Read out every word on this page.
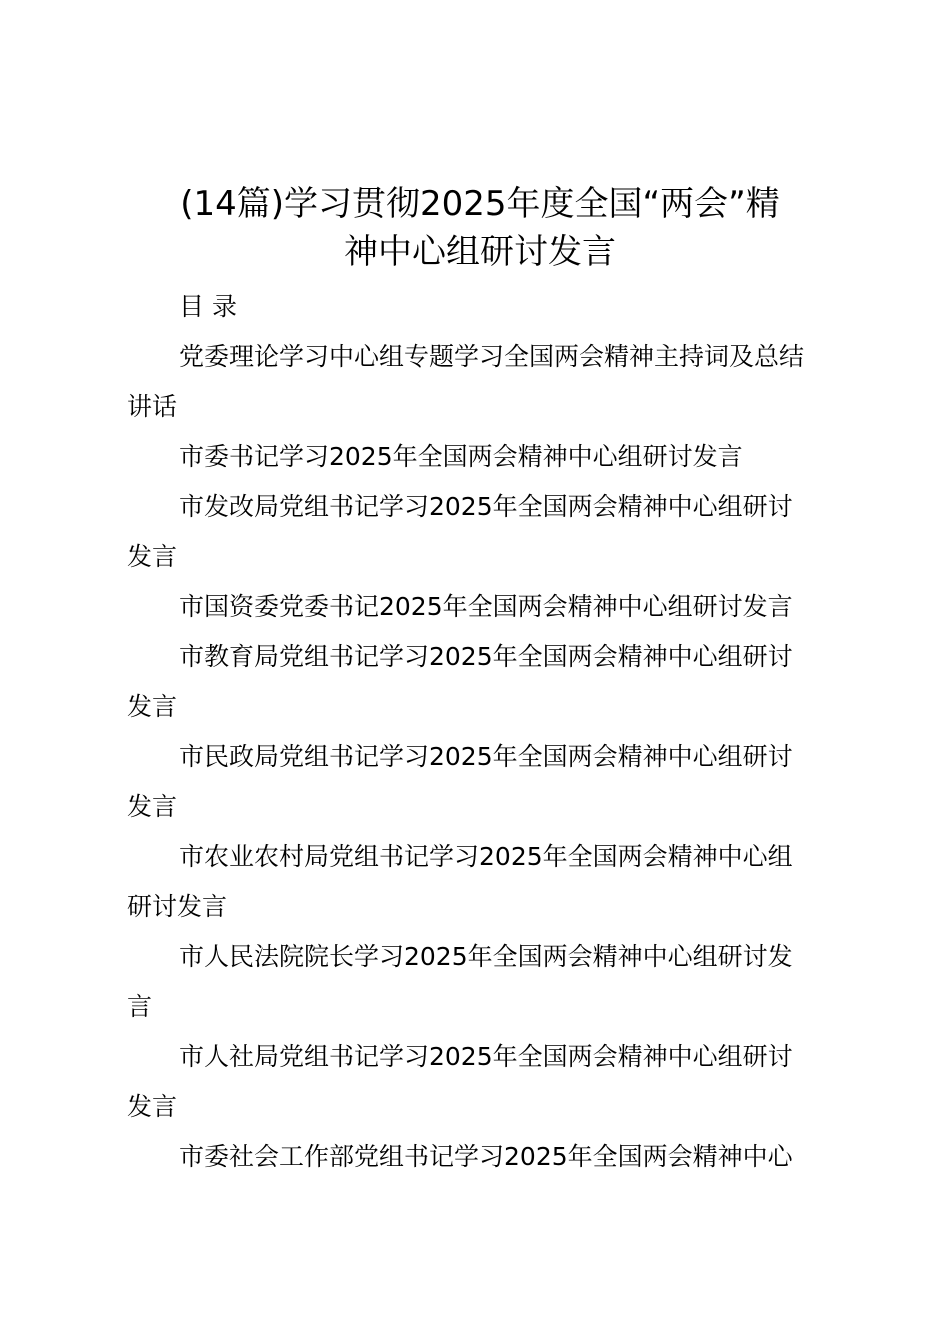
(14篇)学习贯彻2025年度全国“两会”精
神中心组研讨发言
目 录
党委理论学习中心组专题学习全国两会精神主持词及总结
讲话
市委书记学习2025年全国两会精神中心组研讨发言
市发改局党组书记学习2025年全国两会精神中心组研讨
发言
市国资委党委书记2025年全国两会精神中心组研讨发言
市教育局党组书记学习2025年全国两会精神中心组研讨
发言
市民政局党组书记学习2025年全国两会精神中心组研讨
发言
市农业农村局党组书记学习2025年全国两会精神中心组
研讨发言
市人民法院院长学习2025年全国两会精神中心组研讨发
言
市人社局党组书记学习2025年全国两会精神中心组研讨
发言
市委社会工作部党组书记学习2025年全国两会精神中心
